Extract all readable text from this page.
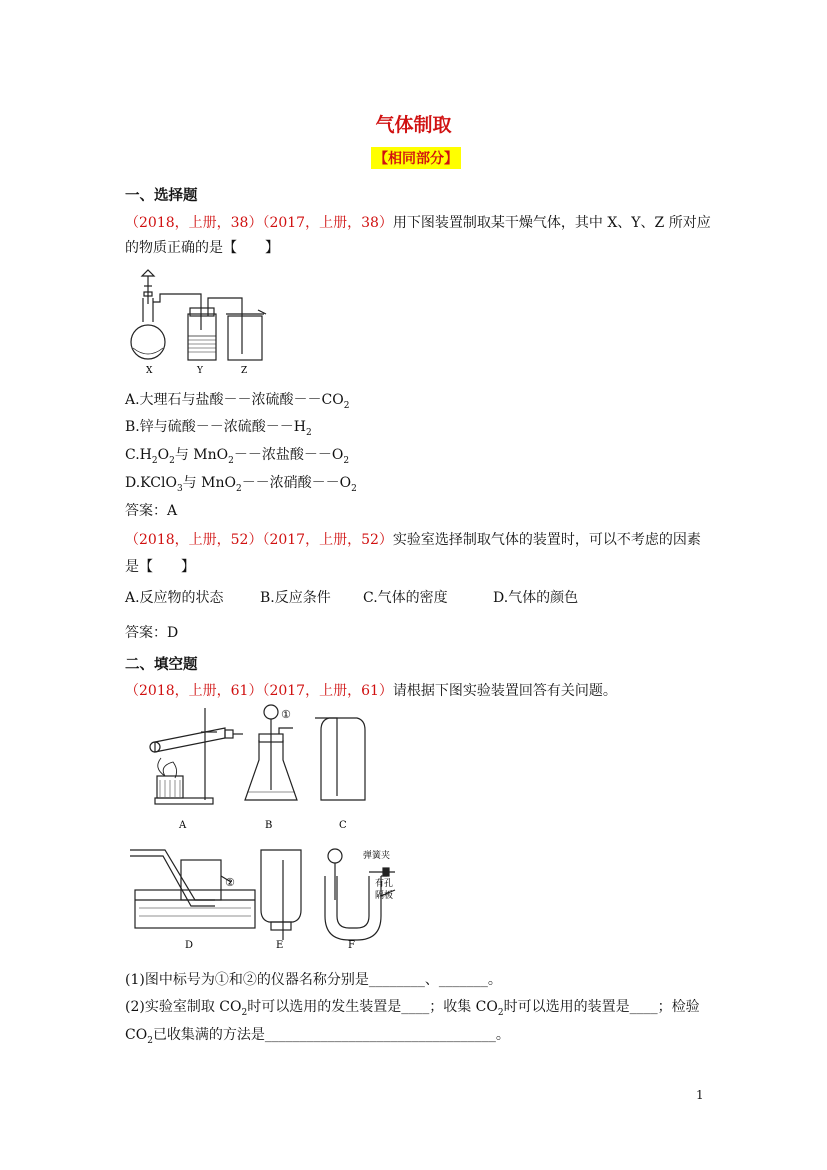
气体制取
【相同部分】
一、选择题
（2018，上册，38）（2017，上册，38）用下图装置制取某干燥气体，其中 X、Y、Z 所对应
的物质正确的是【　　】
X	Y	Z
A.大理石与盐酸－－浓硫酸$--CO_2$
B.锌与硫酸－－浓硫酸$--H_2$
$C.H_2O_2$与 MnO$_2$－－浓盐酸$--O_2$
D.KClO$_3$与 MnO$_2$－－浓硝酸$--O_2$
答案：A
（2018，上册，52）（2017，上册，52）实验室选择制取气体的装置时，可以不考虑的因素
是【　　】
A.反应物的状态	B.反应条件 C.气体的密度	D.气体的颜色
答案：D
二、填空题
（2018，上册，61）（2017，上册，61）请根据下图实验装置回答有关问题。
A	B	C
D	E	F
①
②
弹簧夹
有孔
隔板
(1)图中标号为①和②的仪器名称分别是________、_______。
(2)实验室制取 $CO_2$时可以选用的发生装置是____；收集 $CO_2$时可以选用的装置是____；检验
$CO_2$已收集满的方法是_________________________________。
1
